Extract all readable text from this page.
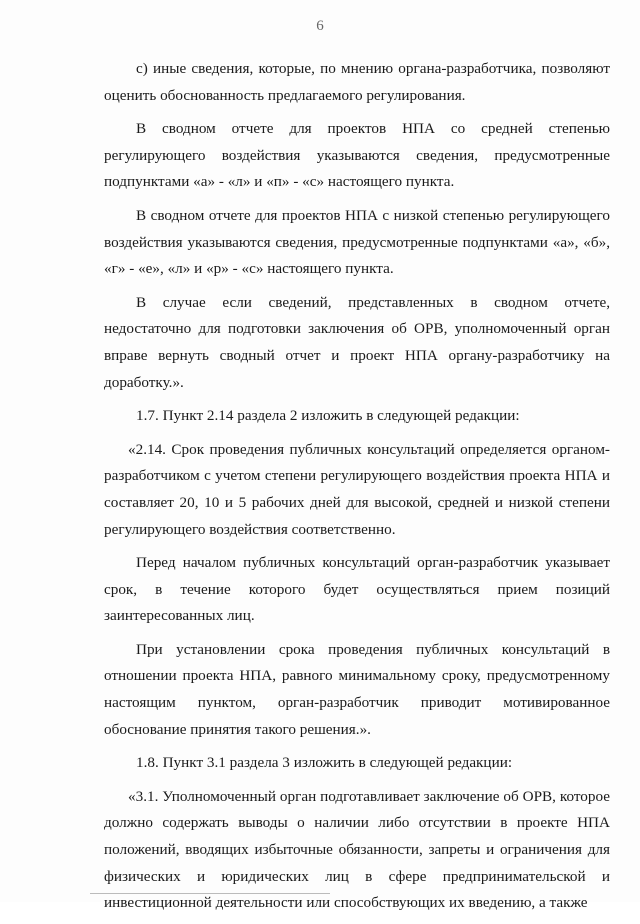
6

с) иные сведения, которые, по мнению органа-разработчика, позволяют оценить обоснованность предлагаемого регулирования.

В сводном отчете для проектов НПА со средней степенью регулирующего воздействия указываются сведения, предусмотренные подпунктами «а» - «л» и «п» - «с» настоящего пункта.

В сводном отчете для проектов НПА с низкой степенью регулирующего воздействия указываются сведения, предусмотренные подпунктами «а», «б», «г» - «е», «л» и «р» - «с» настоящего пункта.

В случае если сведений, представленных в сводном отчете, недостаточно для подготовки заключения об ОРВ, уполномоченный орган вправе вернуть сводный отчет и проект НПА органу-разработчику на доработку.».

1.7. Пункт 2.14 раздела 2 изложить в следующей редакции:

«2.14. Срок проведения публичных консультаций определяется органом-разработчиком с учетом степени регулирующего воздействия проекта НПА и составляет 20, 10 и 5 рабочих дней для высокой, средней и низкой степени регулирующего воздействия соответственно.

Перед началом публичных консультаций орган-разработчик указывает срок, в течение которого будет осуществляться прием позиций заинтересованных лиц.

При установлении срока проведения публичных консультаций в отношении проекта НПА, равного минимальному сроку, предусмотренному настоящим пунктом, орган-разработчик приводит мотивированное обоснование принятия такого решения.».

1.8. Пункт 3.1 раздела 3 изложить в следующей редакции:

«3.1. Уполномоченный орган подготавливает заключение об ОРВ, которое должно содержать выводы о наличии либо отсутствии в проекте НПА положений, вводящих избыточные обязанности, запреты и ограничения для физических и юридических лиц в сфере предпринимательской и инвестиционной деятельности или способствующих их введению, а также
